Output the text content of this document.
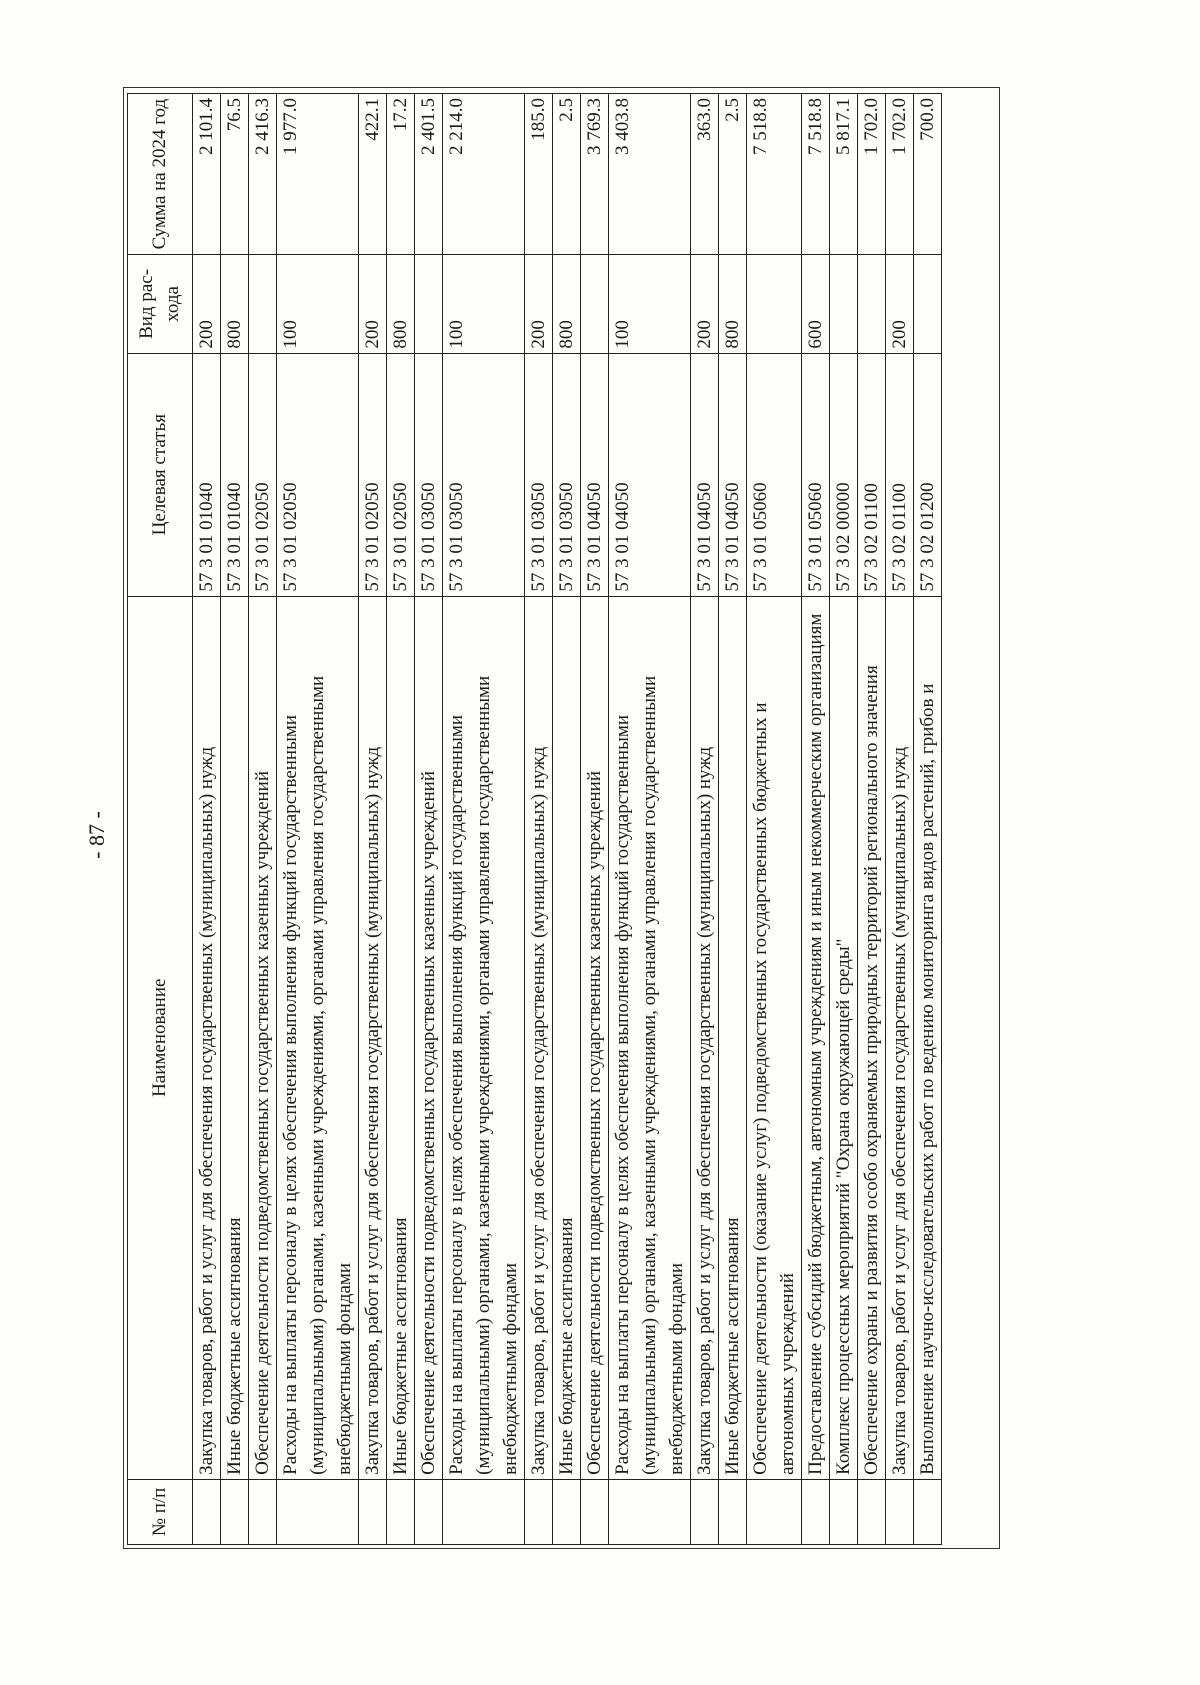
- 87 -
№ п/п	Наименование	Целевая статья	Вид рас-хода	Сумма на 2024 год
	Закупка товаров, работ и услуг для обеспечения государственных (муниципальных) нужд	57 3 01 01040	200	2 101.4
	Иные бюджетные ассигнования	57 3 01 01040	800	76.5
	Обеспечение деятельности подведомственных государственных казенных учреждений	57 3 01 02050		2 416.3
	Расходы на выплаты персоналу в целях обеспечения выполнения функций государственными (муниципальными) органами, казенными учреждениями, органами управления государственными внебюджетными фондами	57 3 01 02050	100	1 977.0
	Закупка товаров, работ и услуг для обеспечения государственных (муниципальных) нужд	57 3 01 02050	200	422.1
	Иные бюджетные ассигнования	57 3 01 02050	800	17.2
	Обеспечение деятельности подведомственных государственных казенных учреждений	57 3 01 03050		2 401.5
	Расходы на выплаты персоналу в целях обеспечения выполнения функций государственными (муниципальными) органами, казенными учреждениями, органами управления государственными внебюджетными фондами	57 3 01 03050	100	2 214.0
	Закупка товаров, работ и услуг для обеспечения государственных (муниципальных) нужд	57 3 01 03050	200	185.0
	Иные бюджетные ассигнования	57 3 01 03050	800	2.5
	Обеспечение деятельности подведомственных государственных казенных учреждений	57 3 01 04050		3 769.3
	Расходы на выплаты персоналу в целях обеспечения выполнения функций государственными (муниципальными) органами, казенными учреждениями, органами управления государственными внебюджетными фондами	57 3 01 04050	100	3 403.8
	Закупка товаров, работ и услуг для обеспечения государственных (муниципальных) нужд	57 3 01 04050	200	363.0
	Иные бюджетные ассигнования	57 3 01 04050	800	2.5
	Обеспечение деятельности (оказание услуг) подведомственных государственных бюджетных и автономных учреждений	57 3 01 05060		7 518.8
	Предоставление субсидий бюджетным, автономным учреждениям и иным некоммерческим организациям	57 3 01 05060	600	7 518.8
	Комплекс процессных мероприятий "Охрана окружающей среды"	57 3 02 00000		5 817.1
	Обеспечение охраны и развития особо охраняемых природных территорий регионального значения	57 3 02 01100		1 702.0
	Закупка товаров, работ и услуг для обеспечения государственных (муниципальных) нужд	57 3 02 01100	200	1 702.0
	Выполнение научно-исследовательских работ по ведению мониторинга видов растений, грибов и	57 3 02 01200		700.0
